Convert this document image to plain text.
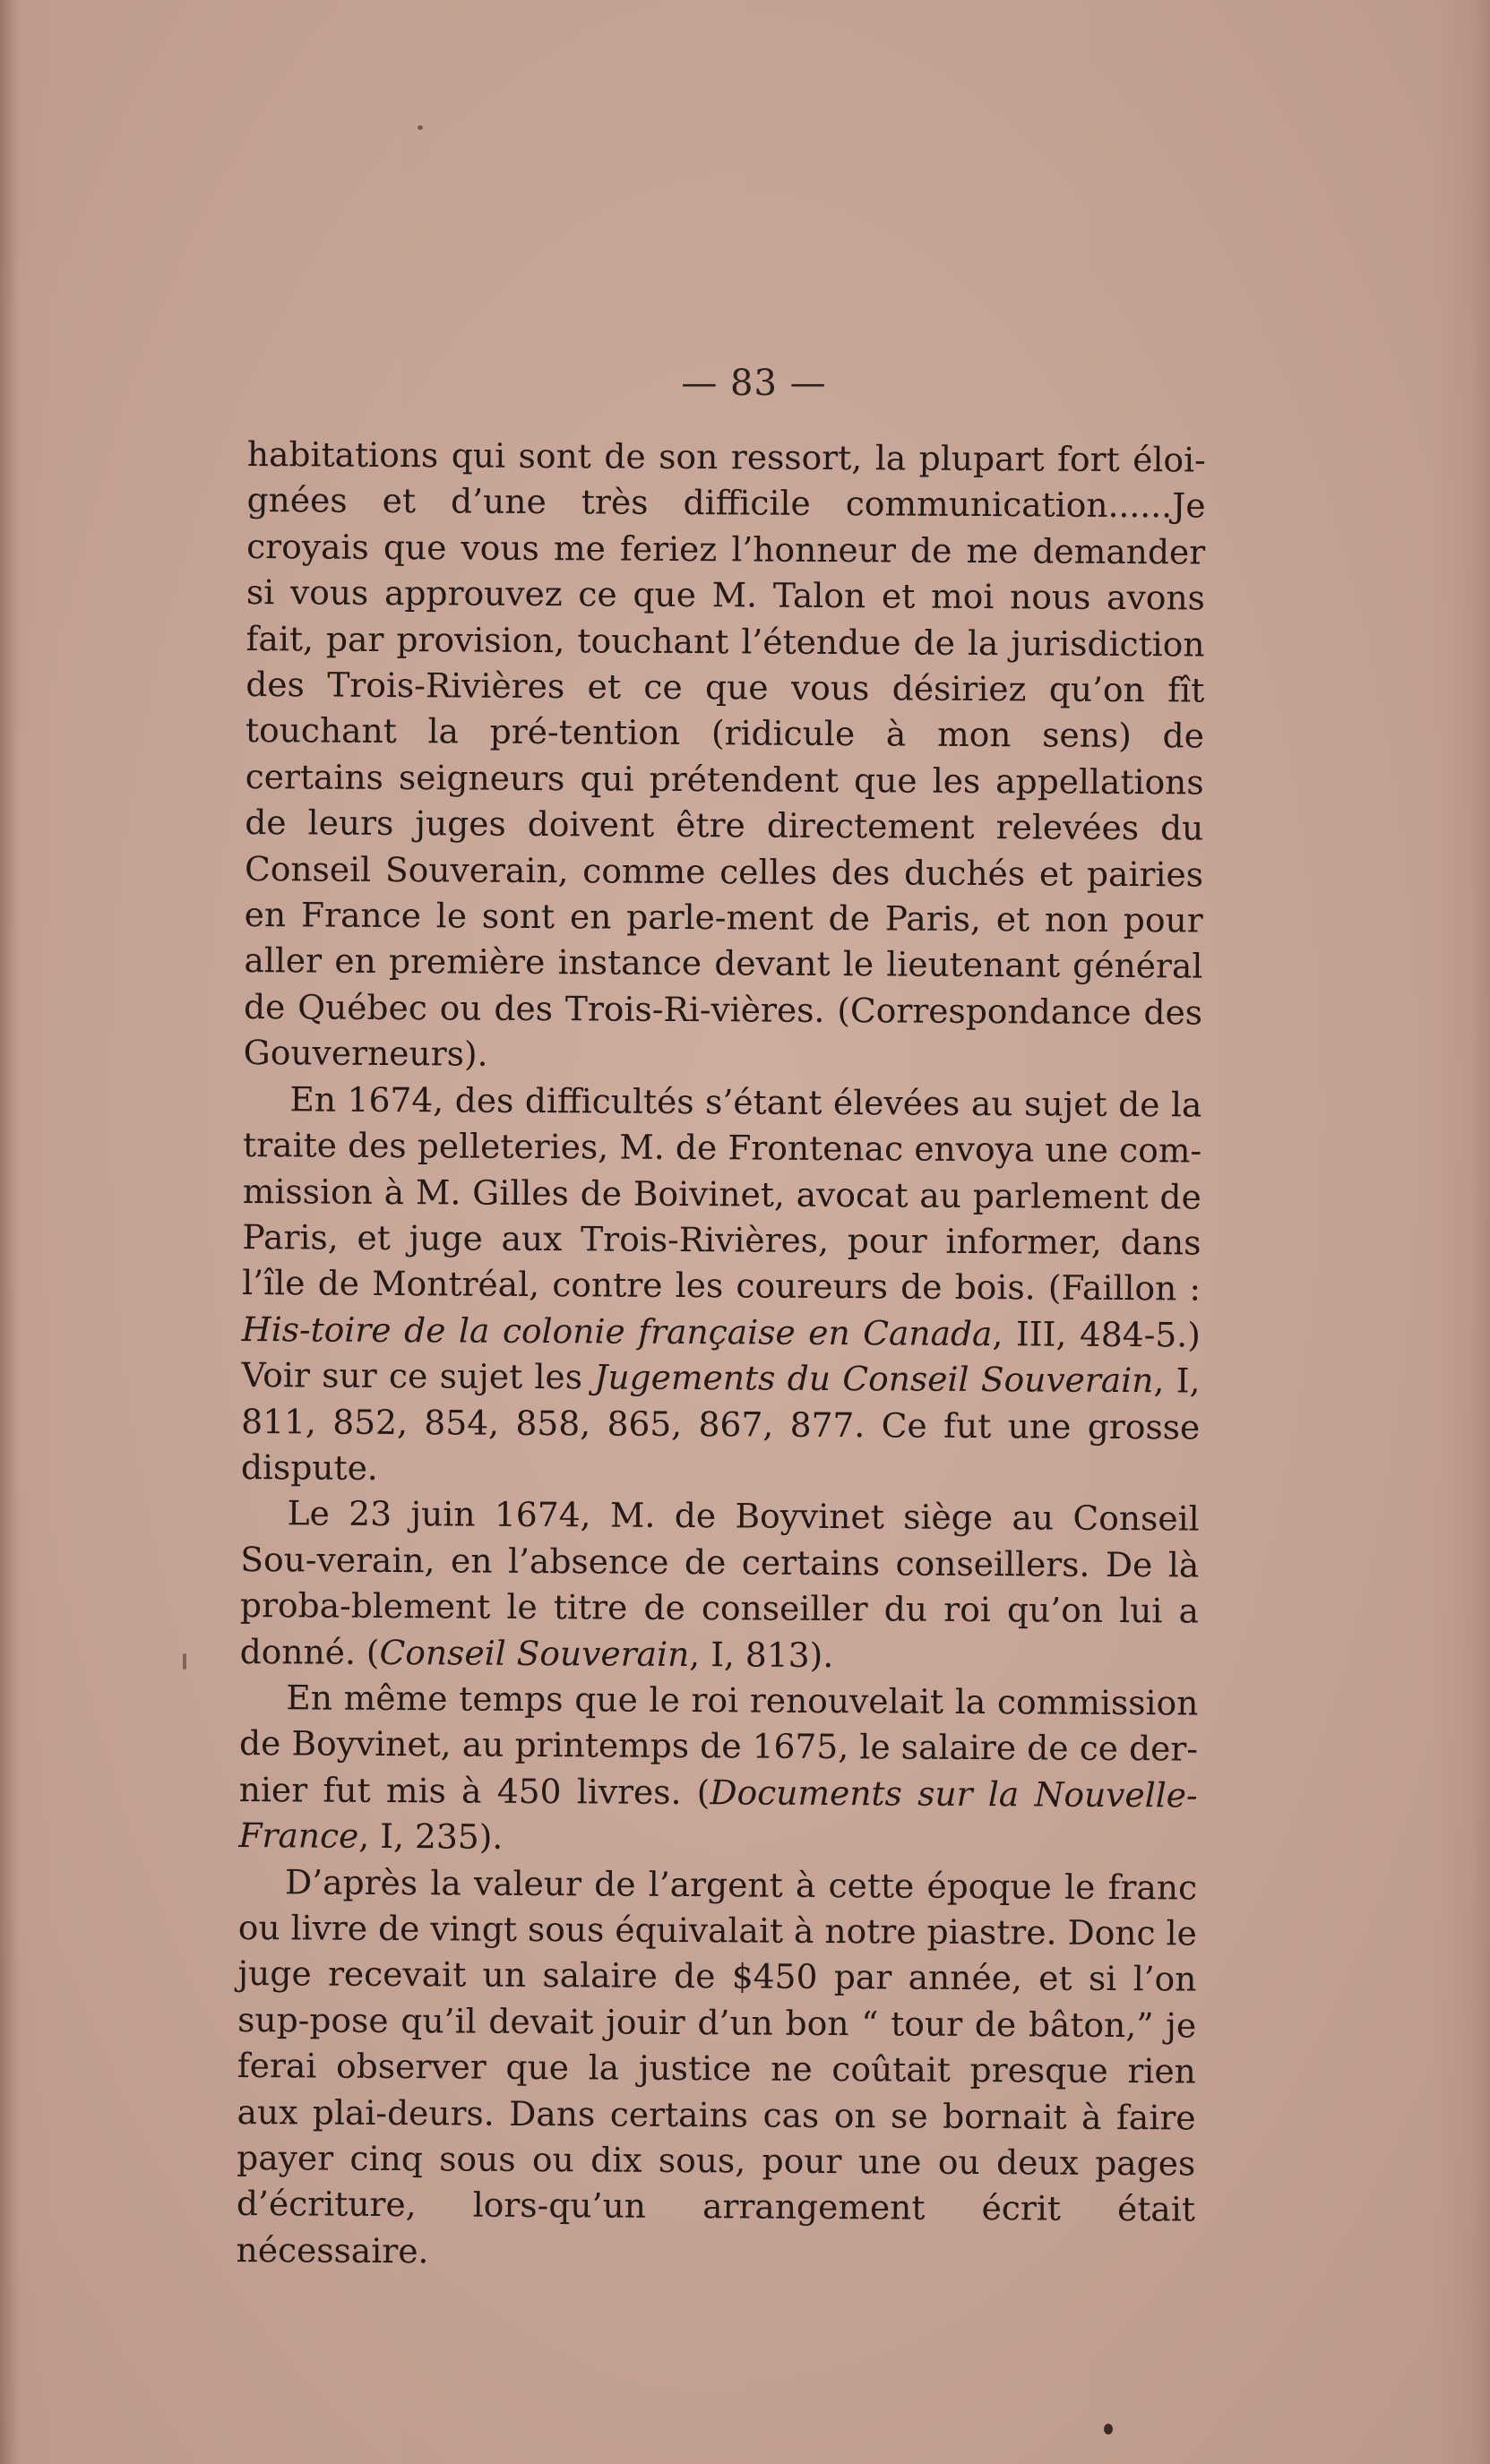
— 83 —

habitations qui sont de son ressort, la plupart fort éloi-gnées et d’une très difficile communication......Je croyais que vous me feriez l’honneur de me demander si vous approuvez ce que M. Talon et moi nous avons fait, par provision, touchant l’étendue de la jurisdiction des Trois-Rivières et ce que vous désiriez qu’on fît touchant la pré-tention (ridicule à mon sens) de certains seigneurs qui prétendent que les appellations de leurs juges doivent être directement relevées du Conseil Souverain, comme celles des duchés et pairies en France le sont en parle-ment de Paris, et non pour aller en première instance devant le lieutenant général de Québec ou des Trois-Ri-vières. (Correspondance des Gouverneurs).

En 1674, des difficultés s’étant élevées au sujet de la traite des pelleteries, M. de Frontenac envoya une com-mission à M. Gilles de Boivinet, avocat au parlement de Paris, et juge aux Trois-Rivières, pour informer, dans l’île de Montréal, contre les coureurs de bois. (Faillon : His-toire de la colonie française en Canada, III, 484-5.) Voir sur ce sujet les Jugements du Conseil Souverain, I, 811, 852, 854, 858, 865, 867, 877. Ce fut une grosse dispute.

Le 23 juin 1674, M. de Boyvinet siège au Conseil Sou-verain, en l’absence de certains conseillers. De là proba-blement le titre de conseiller du roi qu’on lui a donné. (Conseil Souverain, I, 813).

En même temps que le roi renouvelait la commission de Boyvinet, au printemps de 1675, le salaire de ce der-nier fut mis à 450 livres. (Documents sur la Nouvelle-France, I, 235).

D’après la valeur de l’argent à cette époque le franc ou livre de vingt sous équivalait à notre piastre. Donc le juge recevait un salaire de $450 par année, et si l’on sup-pose qu’il devait jouir d’un bon “ tour de bâton,” je ferai observer que la justice ne coûtait presque rien aux plai-deurs. Dans certains cas on se bornait à faire payer cinq sous ou dix sous, pour une ou deux pages d’écriture, lors-qu’un arrangement écrit était nécessaire.
